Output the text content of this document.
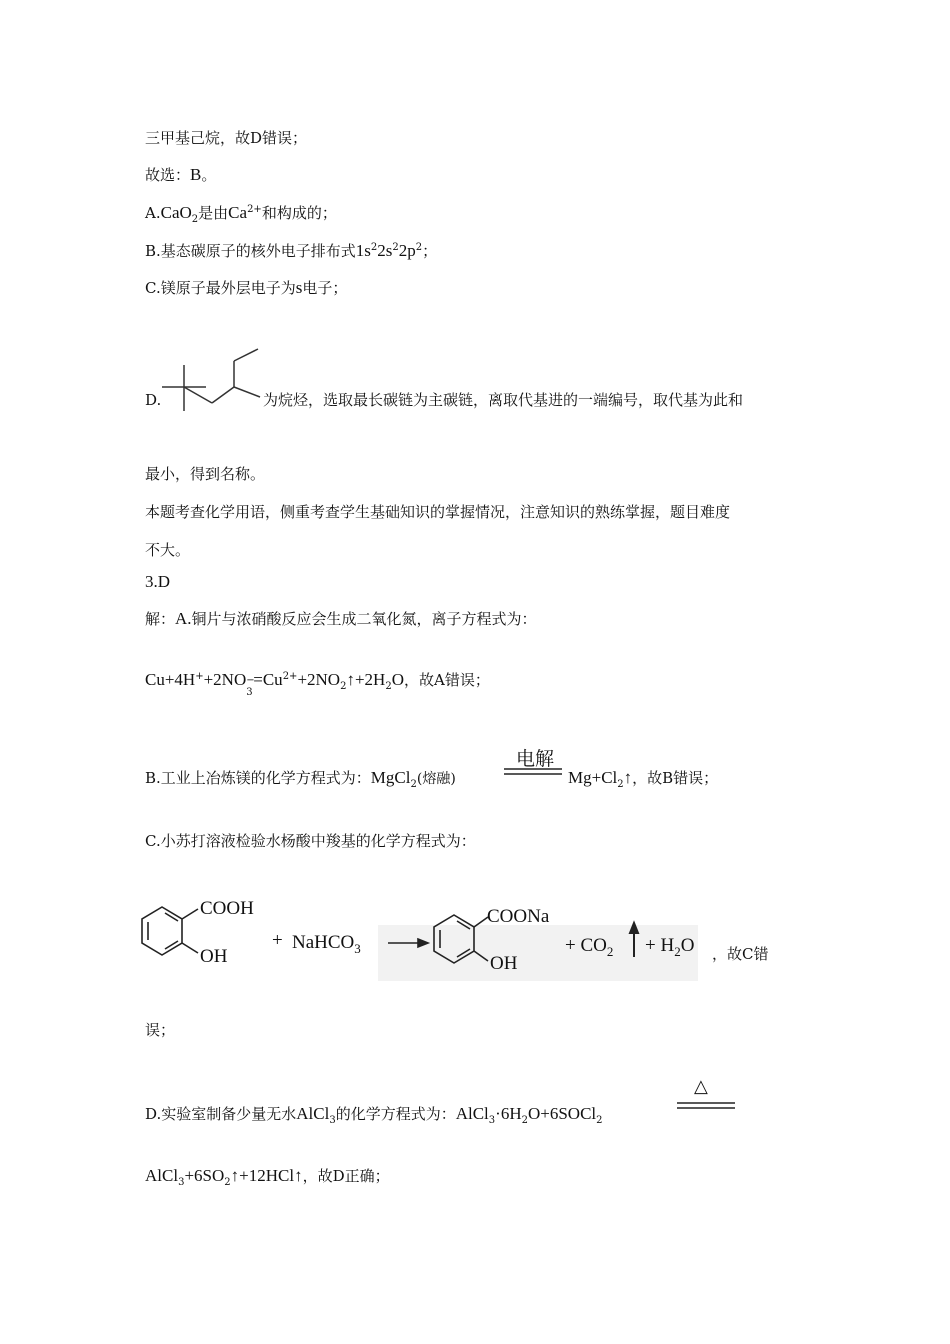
三甲基己烷，故D错误；
故选：B。
A.CaO$_2$是由$Ca^{2+}$和构成的；
B.基态碳原子的核外电子排布式$1s^22s^22p^2$；
C.镁原子最外层电子为s电子；
D.	为烷烃，选取最长碳链为主碳链，离取代基进的一端编号，取代基为此和
最小，得到名称。
本题考查化学用语，侧重考查学生基础知识的掌握情况，注意知识的熟练掌握，题目难度
不大。
3.D
解：A.铜片与浓硝酸反应会生成二氧化氮，离子方程式为：
Cu+4H++2NO −
3
$=Cu^{2+}+2NO_2↑+2H_2O$，故A错误；
B.工业上冶炼镁的化学方程式为：MgCl$_2$(熔融)
电解
$Mg+Cl_2↑$，故B错误；
C.小苏打溶液检验水杨酸中羧基的化学方程式为：
COOH
OH
+ NaHCO$_3$
COONa
OH
+ $CO_2 + H_2O$ ，故C错
误；
D.实验室制备少量无水AlCl$_3$的化学方程式为：$AlCl_3\cdot 6H_2O+6SOCl_2$
△
$AlCl_3+6SO_2↑+12HCl↑$，故D正确；
